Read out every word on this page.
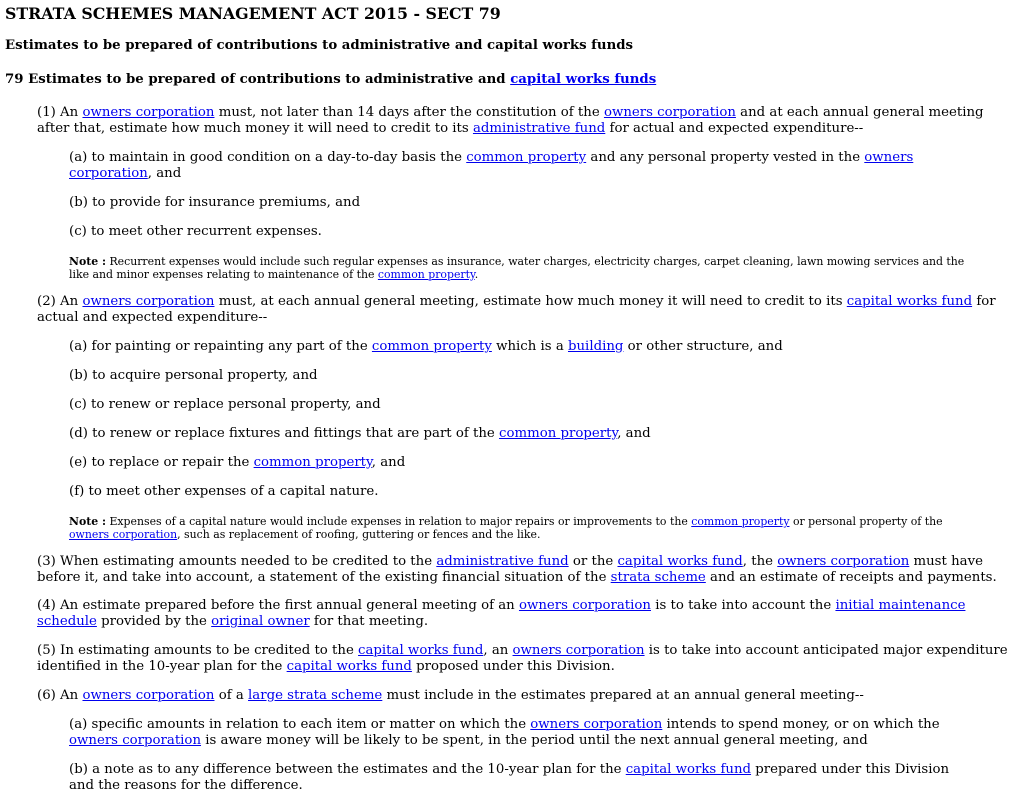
STRATA SCHEMES MANAGEMENT ACT 2015 - SECT 79
Estimates to be prepared of contributions to administrative and capital works funds
79 Estimates to be prepared of contributions to administrative and capital works funds

(1) An owners corporation must, not later than 14 days after the constitution of the owners corporation and at each annual general meeting after that, estimate how much money it will need to credit to its administrative fund for actual and expected expenditure--

(a) to maintain in good condition on a day-to-day basis the common property and any personal property vested in the owners corporation, and

(b) to provide for insurance premiums, and

(c) to meet other recurrent expenses.

Note : Recurrent expenses would include such regular expenses as insurance, water charges, electricity charges, carpet cleaning, lawn mowing services and the like and minor expenses relating to maintenance of the common property.

(2) An owners corporation must, at each annual general meeting, estimate how much money it will need to credit to its capital works fund for actual and expected expenditure--

(a) for painting or repainting any part of the common property which is a building or other structure, and

(b) to acquire personal property, and

(c) to renew or replace personal property, and

(d) to renew or replace fixtures and fittings that are part of the common property, and

(e) to replace or repair the common property, and

(f) to meet other expenses of a capital nature.

Note : Expenses of a capital nature would include expenses in relation to major repairs or improvements to the common property or personal property of the owners corporation, such as replacement of roofing, guttering or fences and the like.

(3) When estimating amounts needed to be credited to the administrative fund or the capital works fund, the owners corporation must have before it, and take into account, a statement of the existing financial situation of the strata scheme and an estimate of receipts and payments.

(4) An estimate prepared before the first annual general meeting of an owners corporation is to take into account the initial maintenance schedule provided by the original owner for that meeting.

(5) In estimating amounts to be credited to the capital works fund, an owners corporation is to take into account anticipated major expenditure identified in the 10-year plan for the capital works fund proposed under this Division.

(6) An owners corporation of a large strata scheme must include in the estimates prepared at an annual general meeting--

(a) specific amounts in relation to each item or matter on which the owners corporation intends to spend money, or on which the owners corporation is aware money will be likely to be spent, in the period until the next annual general meeting, and

(b) a note as to any difference between the estimates and the 10-year plan for the capital works fund prepared under this Division and the reasons for the difference.
